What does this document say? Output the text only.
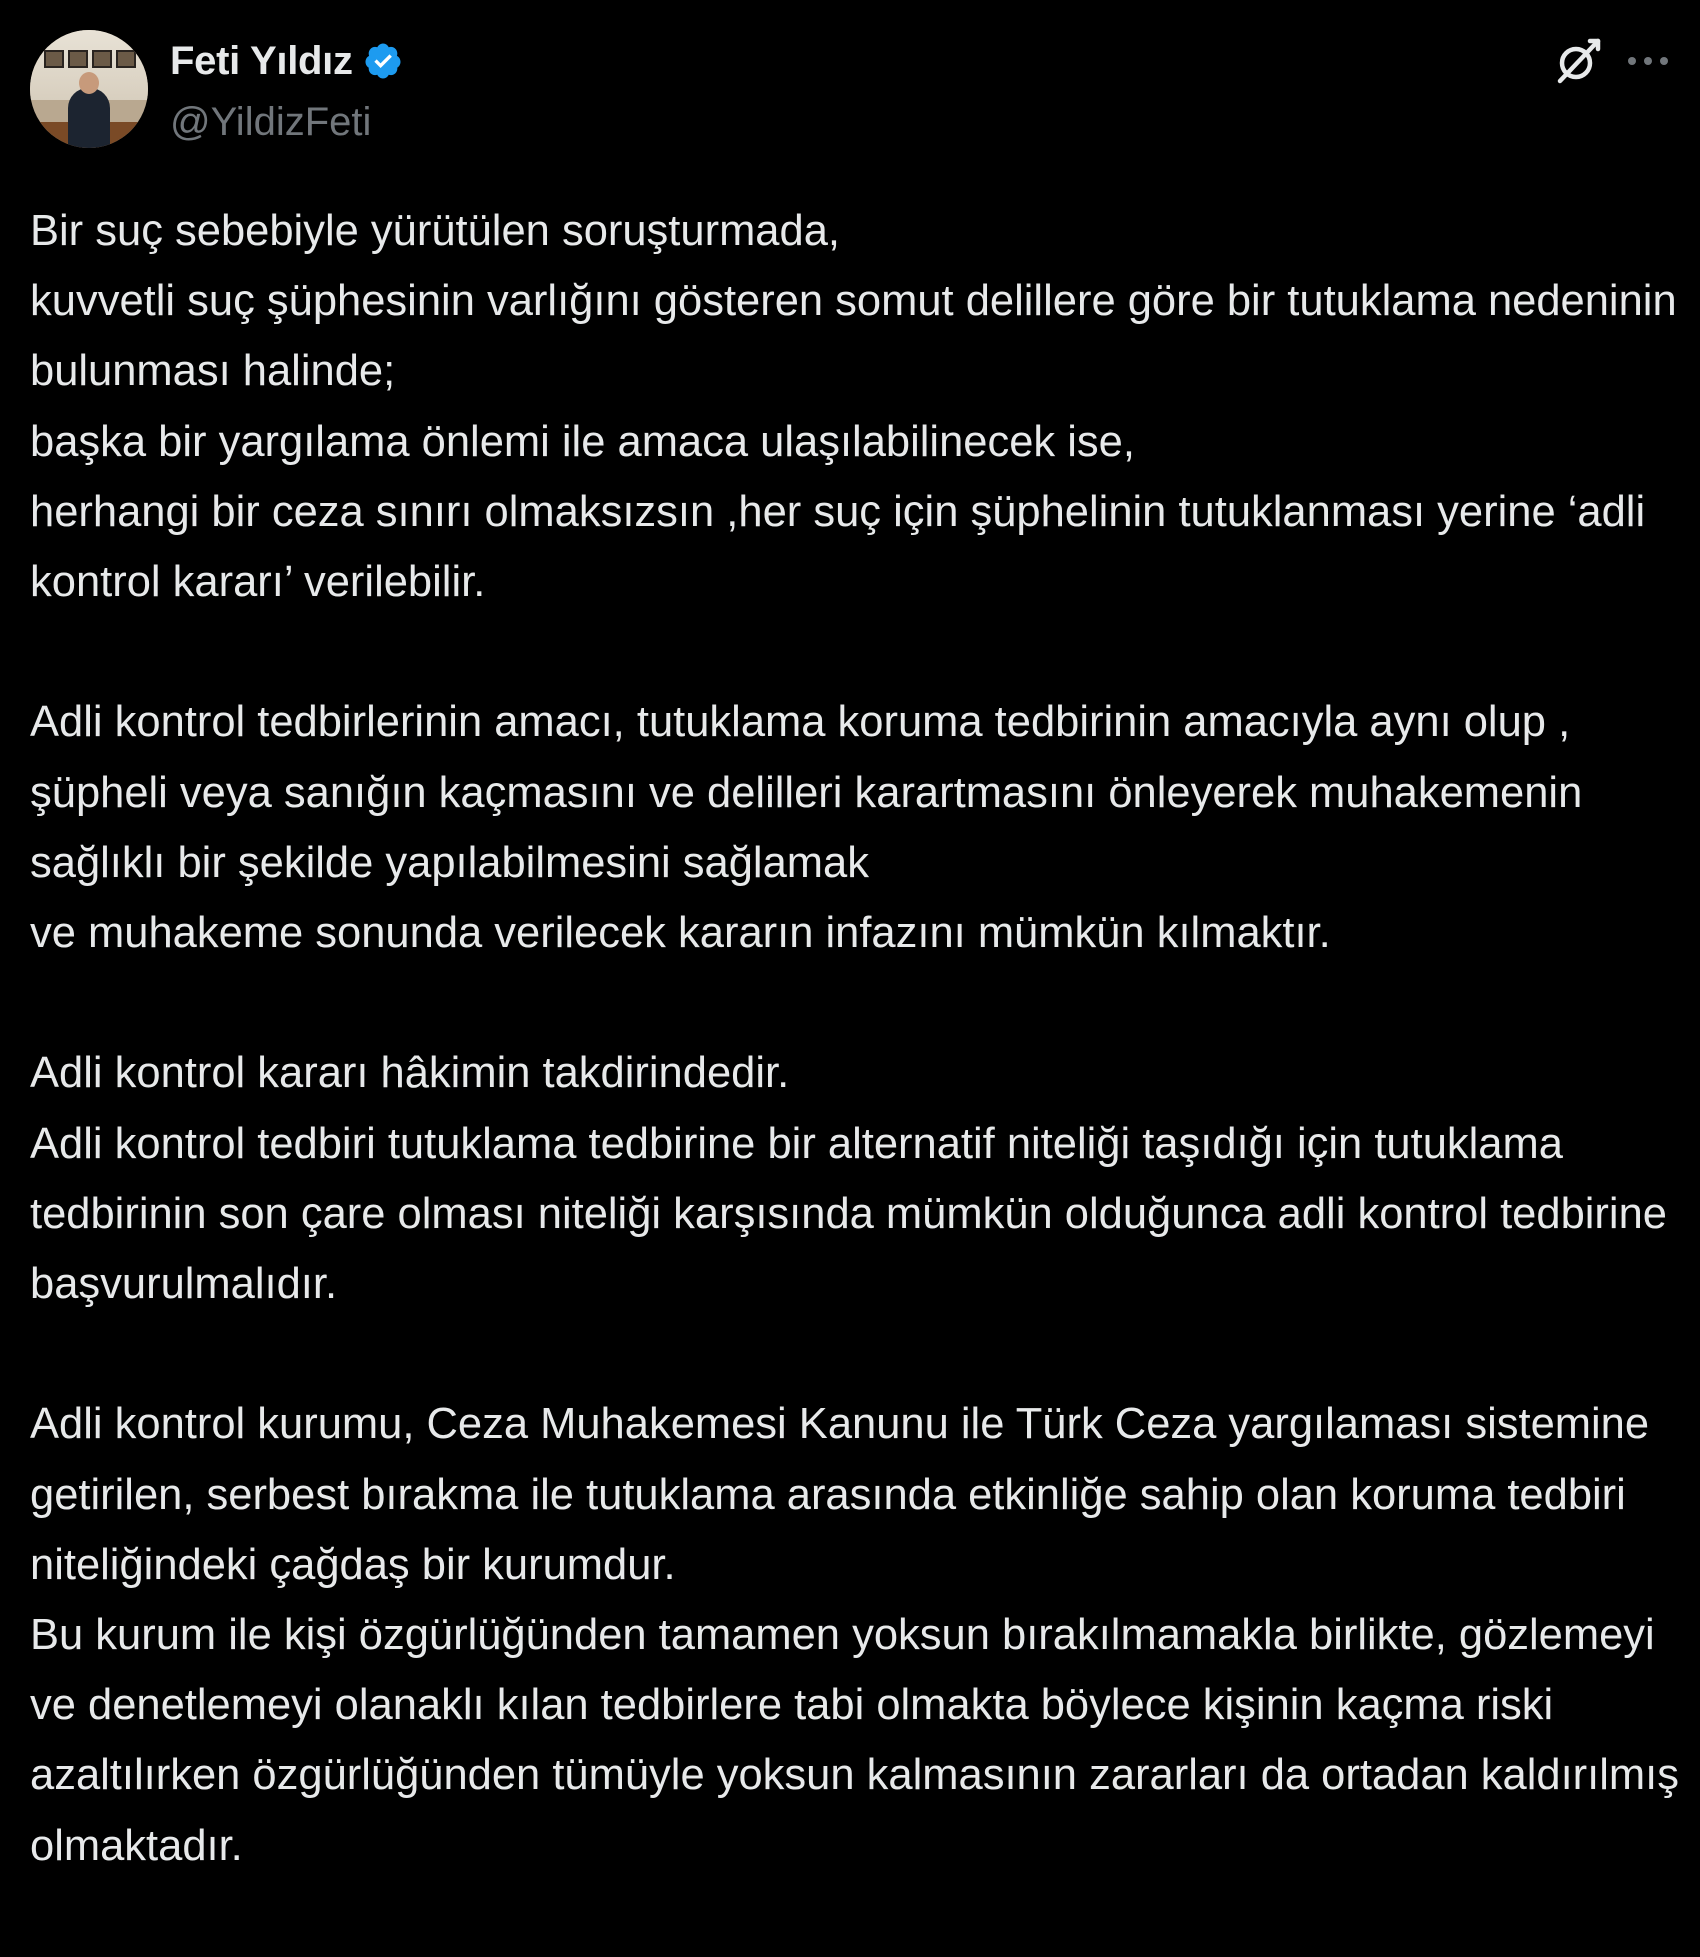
Feti Yıldız
@YildizFeti
Bir suç sebebiyle yürütülen soruşturmada,
kuvvetli suç şüphesinin varlığını gösteren somut delillere göre bir tutuklama nedeninin bulunması halinde;
başka bir yargılama önlemi ile amaca ulaşılabilinecek ise,
herhangi bir ceza sınırı olmaksızsın ,her suç için şüphelinin tutuklanması yerine ‘adli kontrol kararı’ verilebilir.

Adli kontrol tedbirlerinin amacı, tutuklama koruma tedbirinin amacıyla aynı olup ,
şüpheli veya sanığın kaçmasını ve delilleri karartmasını önleyerek muhakemenin sağlıklı bir şekilde yapılabilmesini sağlamak
ve muhakeme sonunda verilecek kararın infazını mümkün kılmaktır.

Adli kontrol kararı hâkimin takdirindedir.
Adli kontrol tedbiri tutuklama tedbirine bir alternatif niteliği taşıdığı için tutuklama tedbirinin son çare olması niteliği karşısında mümkün olduğunca adli kontrol tedbirine başvurulmalıdır.

Adli kontrol kurumu, Ceza Muhakemesi Kanunu ile Türk Ceza yargılaması sistemine getirilen, serbest bırakma ile tutuklama arasında etkinliğe sahip olan koruma tedbiri niteliğindeki çağdaş bir kurumdur.
Bu kurum ile kişi özgürlüğünden tamamen yoksun bırakılmamakla birlikte, gözlemeyi ve denetlemeyi olanaklı kılan tedbirlere tabi olmakta böylece kişinin kaçma riski azaltılırken özgürlüğünden tümüyle yoksun kalmasının zararları da ortadan kaldırılmış olmaktadır.
